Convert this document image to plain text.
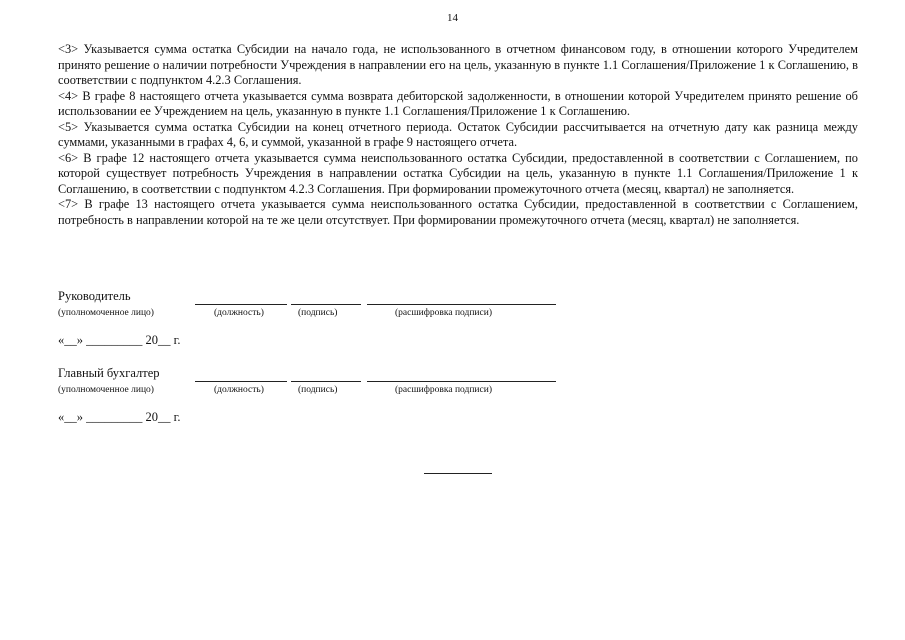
14

<3> Указывается сумма остатка Субсидии на начало года, не использованного в отчетном финансовом году, в отношении которого Учредителем принято решение о наличии потребности Учреждения в направлении его на цель, указанную в пункте 1.1 Соглашения/Приложение 1 к Соглашению, в соответствии с подпунктом 4.2.3 Соглашения.

<4> В графе 8 настоящего отчета указывается сумма возврата дебиторской задолженности, в отношении которой Учредителем принято решение об использовании ее Учреждением на цель, указанную в пункте 1.1 Соглашения/Приложение 1 к Соглашению.

<5> Указывается сумма остатка Субсидии на конец отчетного периода. Остаток Субсидии рассчитывается на отчетную дату как разница между суммами, указанными в графах 4, 6, и суммой, указанной в графе 9 настоящего отчета.

<6> В графе 12 настоящего отчета указывается сумма неиспользованного остатка Субсидии, предоставленной в соответствии с Соглашением, по которой существует потребность Учреждения в направлении остатка Субсидии на цель, указанную в пункте 1.1 Соглашения/Приложение 1 к Соглашению, в соответствии с подпунктом 4.2.3 Соглашения. При формировании промежуточного отчета (месяц, квартал) не заполняется.

<7> В графе 13 настоящего отчета указывается сумма неиспользованного остатка Субсидии, предоставленной в соответствии с Соглашением, потребность в направлении которой на те же цели отсутствует. При формировании промежуточного отчета (месяц, квартал) не заполняется.

Руководитель
(уполномоченное лицо)	(должность)	(подпись)	(расшифровка подписи)
«__» _________ 20__ г.
Главный бухгалтер
(уполномоченное лицо)	(должность)	(подпись)	(расшифровка подписи)
«__» _________ 20__ г.
